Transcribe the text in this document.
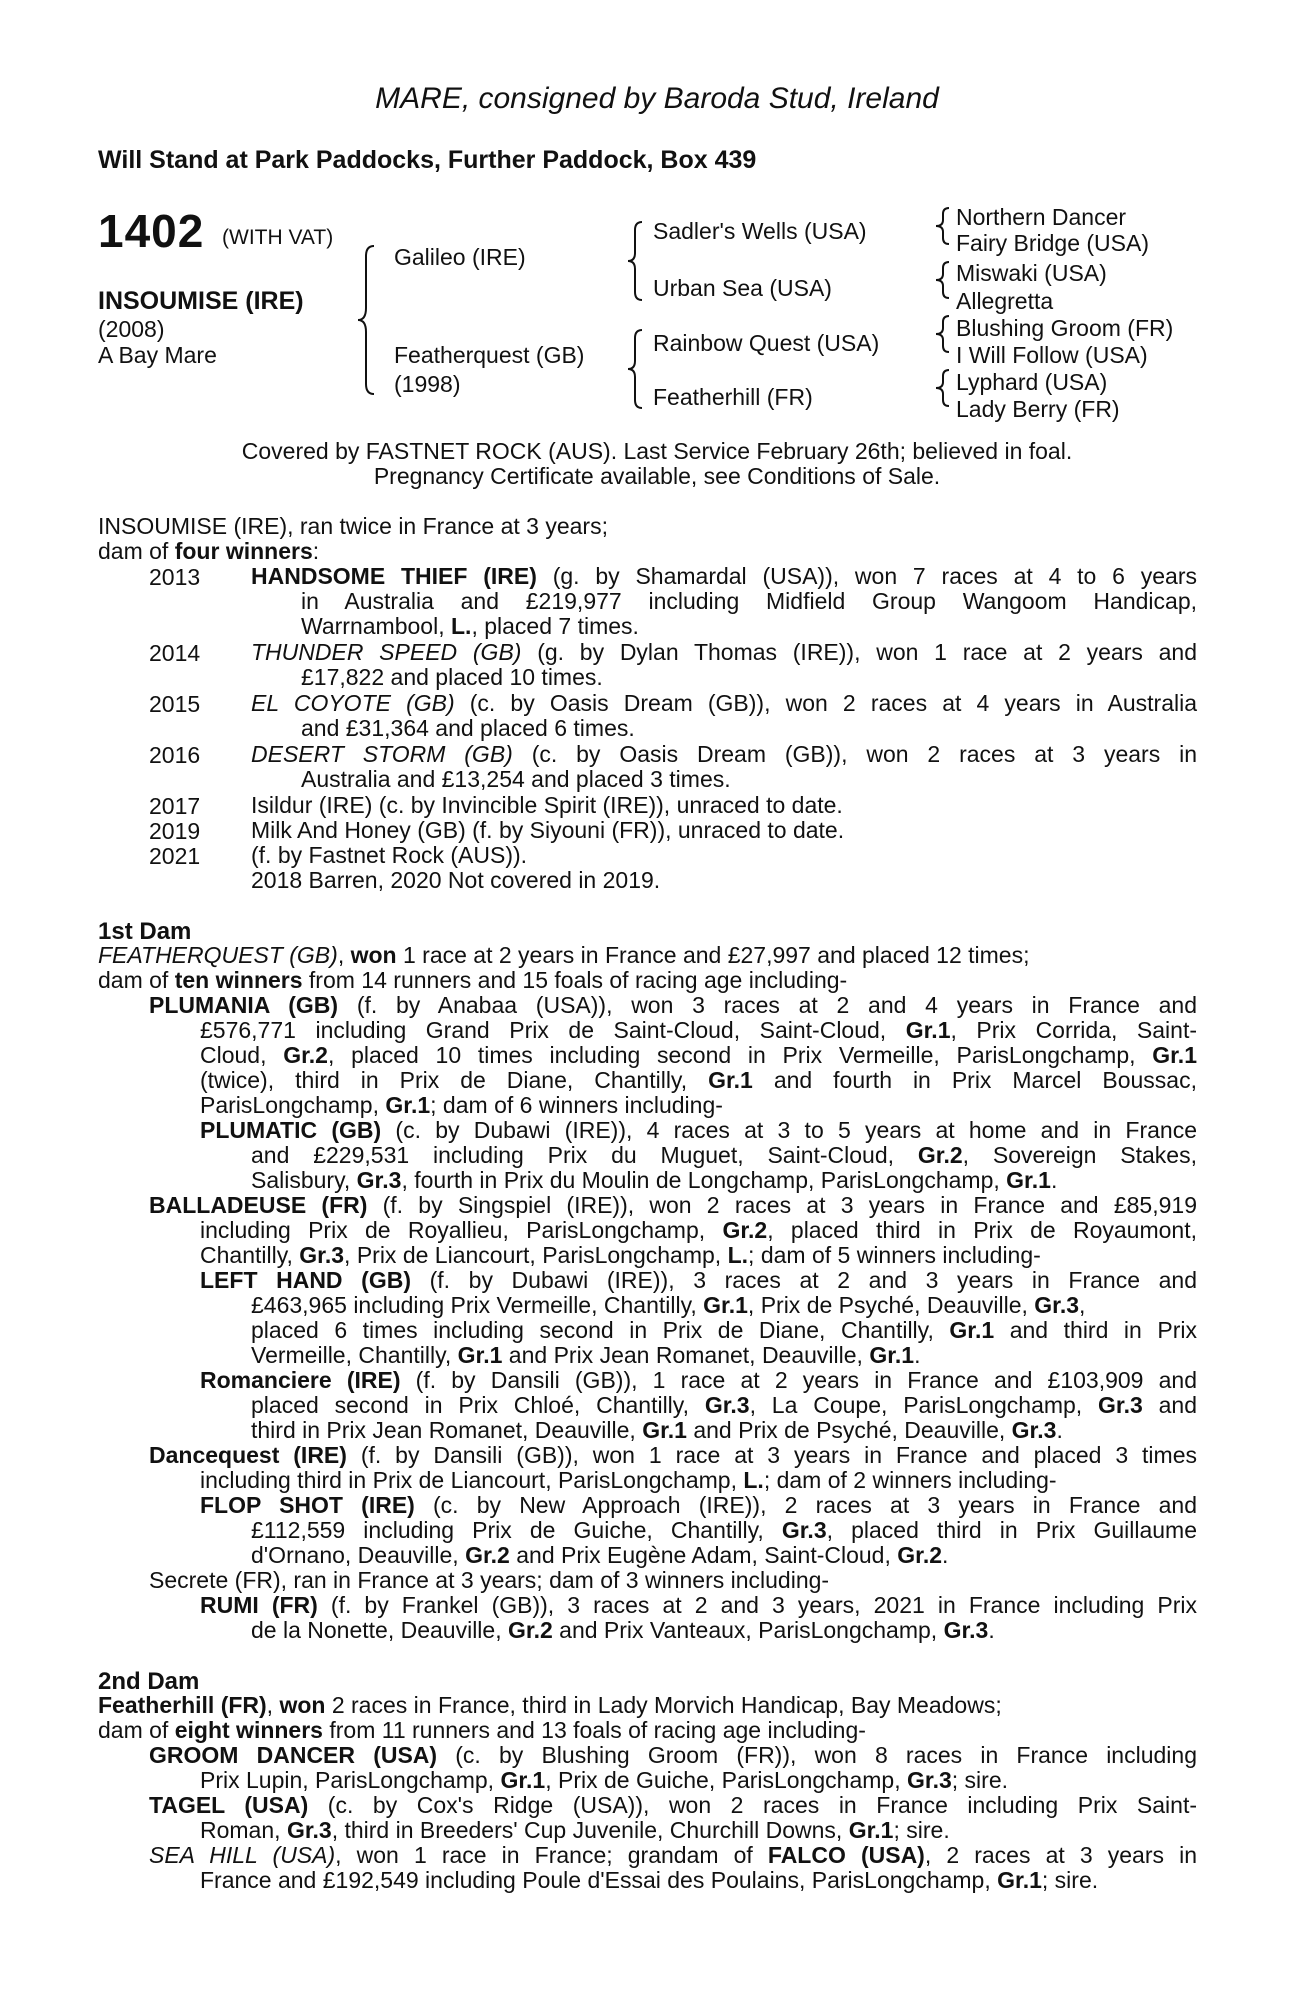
MARE, consigned by Baroda Stud, Ireland
Will Stand at Park Paddocks, Further Paddock, Box 439
1402 (WITH VAT)
INSOUMISE (IRE)
(2008)
A Bay Mare
Galileo (IRE)
Featherquest (GB)
(1998)
Sadler's Wells (USA)
Urban Sea (USA)
Rainbow Quest (USA)
Featherhill (FR)
Northern Dancer
Fairy Bridge (USA)
Miswaki (USA)
Allegretta
Blushing Groom (FR)
I Will Follow (USA)
Lyphard (USA)
Lady Berry (FR)
Covered by FASTNET ROCK (AUS). Last Service February 26th; believed in foal.
Pregnancy Certificate available, see Conditions of Sale.
INSOUMISE (IRE), ran twice in France at 3 years;
dam of four winners:
2013 HANDSOME THIEF (IRE) (g. by Shamardal (USA)), won 7 races at 4 to 6 years
in Australia and £219,977 including Midfield Group Wangoom Handicap,
Warrnambool, L., placed 7 times.
2014 THUNDER SPEED (GB) (g. by Dylan Thomas (IRE)), won 1 race at 2 years and
£17,822 and placed 10 times.
2015 EL COYOTE (GB) (c. by Oasis Dream (GB)), won 2 races at 4 years in Australia
and £31,364 and placed 6 times.
2016 DESERT STORM (GB) (c. by Oasis Dream (GB)), won 2 races at 3 years in
Australia and £13,254 and placed 3 times.
2017 Isildur (IRE) (c. by Invincible Spirit (IRE)), unraced to date.
2019 Milk And Honey (GB) (f. by Siyouni (FR)), unraced to date.
2021 (f. by Fastnet Rock (AUS)).
2018 Barren, 2020 Not covered in 2019.
1st Dam
FEATHERQUEST (GB), won 1 race at 2 years in France and £27,997 and placed 12 times;
dam of ten winners from 14 runners and 15 foals of racing age including-
PLUMANIA (GB) (f. by Anabaa (USA)), won 3 races at 2 and 4 years in France and
£576,771 including Grand Prix de Saint-Cloud, Saint-Cloud, Gr.1, Prix Corrida, Saint-
Cloud, Gr.2, placed 10 times including second in Prix Vermeille, ParisLongchamp, Gr.1
(twice), third in Prix de Diane, Chantilly, Gr.1 and fourth in Prix Marcel Boussac,
ParisLongchamp, Gr.1; dam of 6 winners including-
PLUMATIC (GB) (c. by Dubawi (IRE)), 4 races at 3 to 5 years at home and in France
and £229,531 including Prix du Muguet, Saint-Cloud, Gr.2, Sovereign Stakes,
Salisbury, Gr.3, fourth in Prix du Moulin de Longchamp, ParisLongchamp, Gr.1.
BALLADEUSE (FR) (f. by Singspiel (IRE)), won 2 races at 3 years in France and £85,919
including Prix de Royallieu, ParisLongchamp, Gr.2, placed third in Prix de Royaumont,
Chantilly, Gr.3, Prix de Liancourt, ParisLongchamp, L.; dam of 5 winners including-
LEFT HAND (GB) (f. by Dubawi (IRE)), 3 races at 2 and 3 years in France and
£463,965 including Prix Vermeille, Chantilly, Gr.1, Prix de Psyché, Deauville, Gr.3,
placed 6 times including second in Prix de Diane, Chantilly, Gr.1 and third in Prix
Vermeille, Chantilly, Gr.1 and Prix Jean Romanet, Deauville, Gr.1.
Romanciere (IRE) (f. by Dansili (GB)), 1 race at 2 years in France and £103,909 and
placed second in Prix Chloé, Chantilly, Gr.3, La Coupe, ParisLongchamp, Gr.3 and
third in Prix Jean Romanet, Deauville, Gr.1 and Prix de Psyché, Deauville, Gr.3.
Dancequest (IRE) (f. by Dansili (GB)), won 1 race at 3 years in France and placed 3 times
including third in Prix de Liancourt, ParisLongchamp, L.; dam of 2 winners including-
FLOP SHOT (IRE) (c. by New Approach (IRE)), 2 races at 3 years in France and
£112,559 including Prix de Guiche, Chantilly, Gr.3, placed third in Prix Guillaume
d'Ornano, Deauville, Gr.2 and Prix Eugène Adam, Saint-Cloud, Gr.2.
Secrete (FR), ran in France at 3 years; dam of 3 winners including-
RUMI (FR) (f. by Frankel (GB)), 3 races at 2 and 3 years, 2021 in France including Prix
de la Nonette, Deauville, Gr.2 and Prix Vanteaux, ParisLongchamp, Gr.3.
2nd Dam
Featherhill (FR), won 2 races in France, third in Lady Morvich Handicap, Bay Meadows;
dam of eight winners from 11 runners and 13 foals of racing age including-
GROOM DANCER (USA) (c. by Blushing Groom (FR)), won 8 races in France including
Prix Lupin, ParisLongchamp, Gr.1, Prix de Guiche, ParisLongchamp, Gr.3; sire.
TAGEL (USA) (c. by Cox's Ridge (USA)), won 2 races in France including Prix Saint-
Roman, Gr.3, third in Breeders' Cup Juvenile, Churchill Downs, Gr.1; sire.
SEA HILL (USA), won 1 race in France; grandam of FALCO (USA), 2 races at 3 years in
France and £192,549 including Poule d'Essai des Poulains, ParisLongchamp, Gr.1; sire.
